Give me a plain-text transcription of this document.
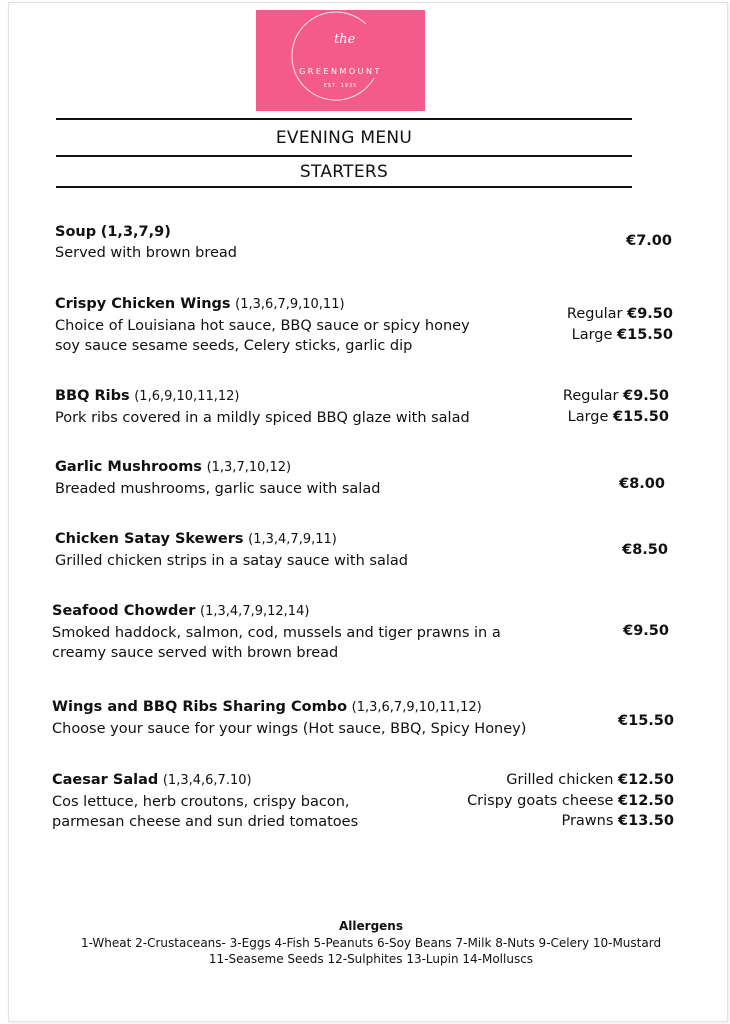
the
GREENMOUNT
EST. 1935
EVENING MENU
STARTERS
Soup (1,3,7,9)
Served with brown bread
€7.00
Crispy Chicken Wings (1,3,6,7,9,10,11)
Choice of Louisiana hot sauce, BBQ sauce or spicy honey
soy sauce sesame seeds, Celery sticks, garlic dip
Regular €9.50
Large €15.50
BBQ Ribs (1,6,9,10,11,12)
Pork ribs covered in a mildly spiced BBQ glaze with salad
Regular €9.50
Large €15.50
Garlic Mushrooms (1,3,7,10,12)
Breaded mushrooms, garlic sauce with salad	€8.00
Chicken Satay Skewers (1,3,4,7,9,11)
Grilled chicken strips in a satay sauce with salad
€8.50
Seafood Chowder (1,3,4,7,9,12,14)
Smoked haddock, salmon, cod, mussels and tiger prawns in a
creamy sauce served with brown bread
€9.50
Wings and BBQ Ribs Sharing Combo (1,3,6,7,9,10,11,12)
Choose your sauce for your wings (Hot sauce, BBQ, Spicy Honey)	€15.50
Caesar Salad (1,3,4,6,7.10)
Cos lettuce, herb croutons, crispy bacon,
parmesan cheese and sun dried tomatoes
Grilled chicken €12.50
Crispy goats cheese €12.50
Prawns €13.50
Allergens
1-Wheat 2-Crustaceans- 3-Eggs 4-Fish 5-Peanuts 6-Soy Beans 7-Milk 8-Nuts 9-Celery 10-Mustard
11-Seaseme Seeds 12-Sulphites 13-Lupin 14-Molluscs
